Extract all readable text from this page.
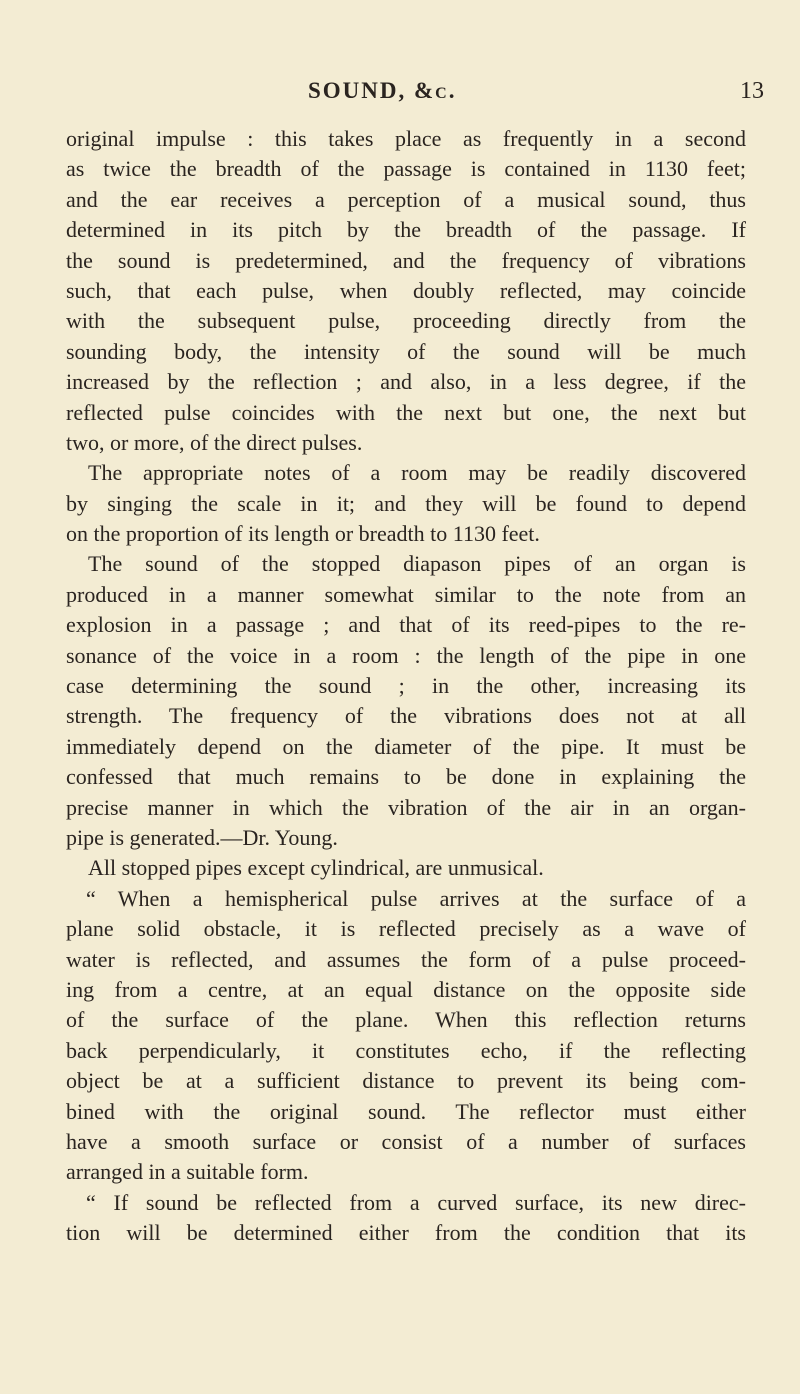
SOUND, &c.	13
original impulse : this takes place as frequently in a second
as twice the breadth of the passage is contained in 1130 feet;
and the ear receives a perception of a musical sound, thus
determined in its pitch by the breadth of the passage. If
the sound is predetermined, and the frequency of vibrations
such, that each pulse, when doubly reflected, may coincide
with the subsequent pulse, proceeding directly from the
sounding body, the intensity of the sound will be much
increased by the reflection ; and also, in a less degree, if the
reflected pulse coincides with the next but one, the next but
two, or more, of the direct pulses.
The appropriate notes of a room may be readily discovered
by singing the scale in it; and they will be found to depend
on the proportion of its length or breadth to 1130 feet.
The sound of the stopped diapason pipes of an organ is
produced in a manner somewhat similar to the note from an
explosion in a passage ; and that of its reed-pipes to the re-
sonance of the voice in a room : the length of the pipe in one
case determining the sound ; in the other, increasing its
strength. The frequency of the vibrations does not at all
immediately depend on the diameter of the pipe. It must be
confessed that much remains to be done in explaining the
precise manner in which the vibration of the air in an organ-
pipe is generated.—Dr. Young.
All stopped pipes except cylindrical, are unmusical.
“ When a hemispherical pulse arrives at the surface of a
plane solid obstacle, it is reflected precisely as a wave of
water is reflected, and assumes the form of a pulse proceed-
ing from a centre, at an equal distance on the opposite side
of the surface of the plane. When this reflection returns
back perpendicularly, it constitutes echo, if the reflecting
object be at a sufficient distance to prevent its being com-
bined with the original sound. The reflector must either
have a smooth surface or consist of a number of surfaces
arranged in a suitable form.
“ If sound be reflected from a curved surface, its new direc-
tion will be determined either from the condition that its
